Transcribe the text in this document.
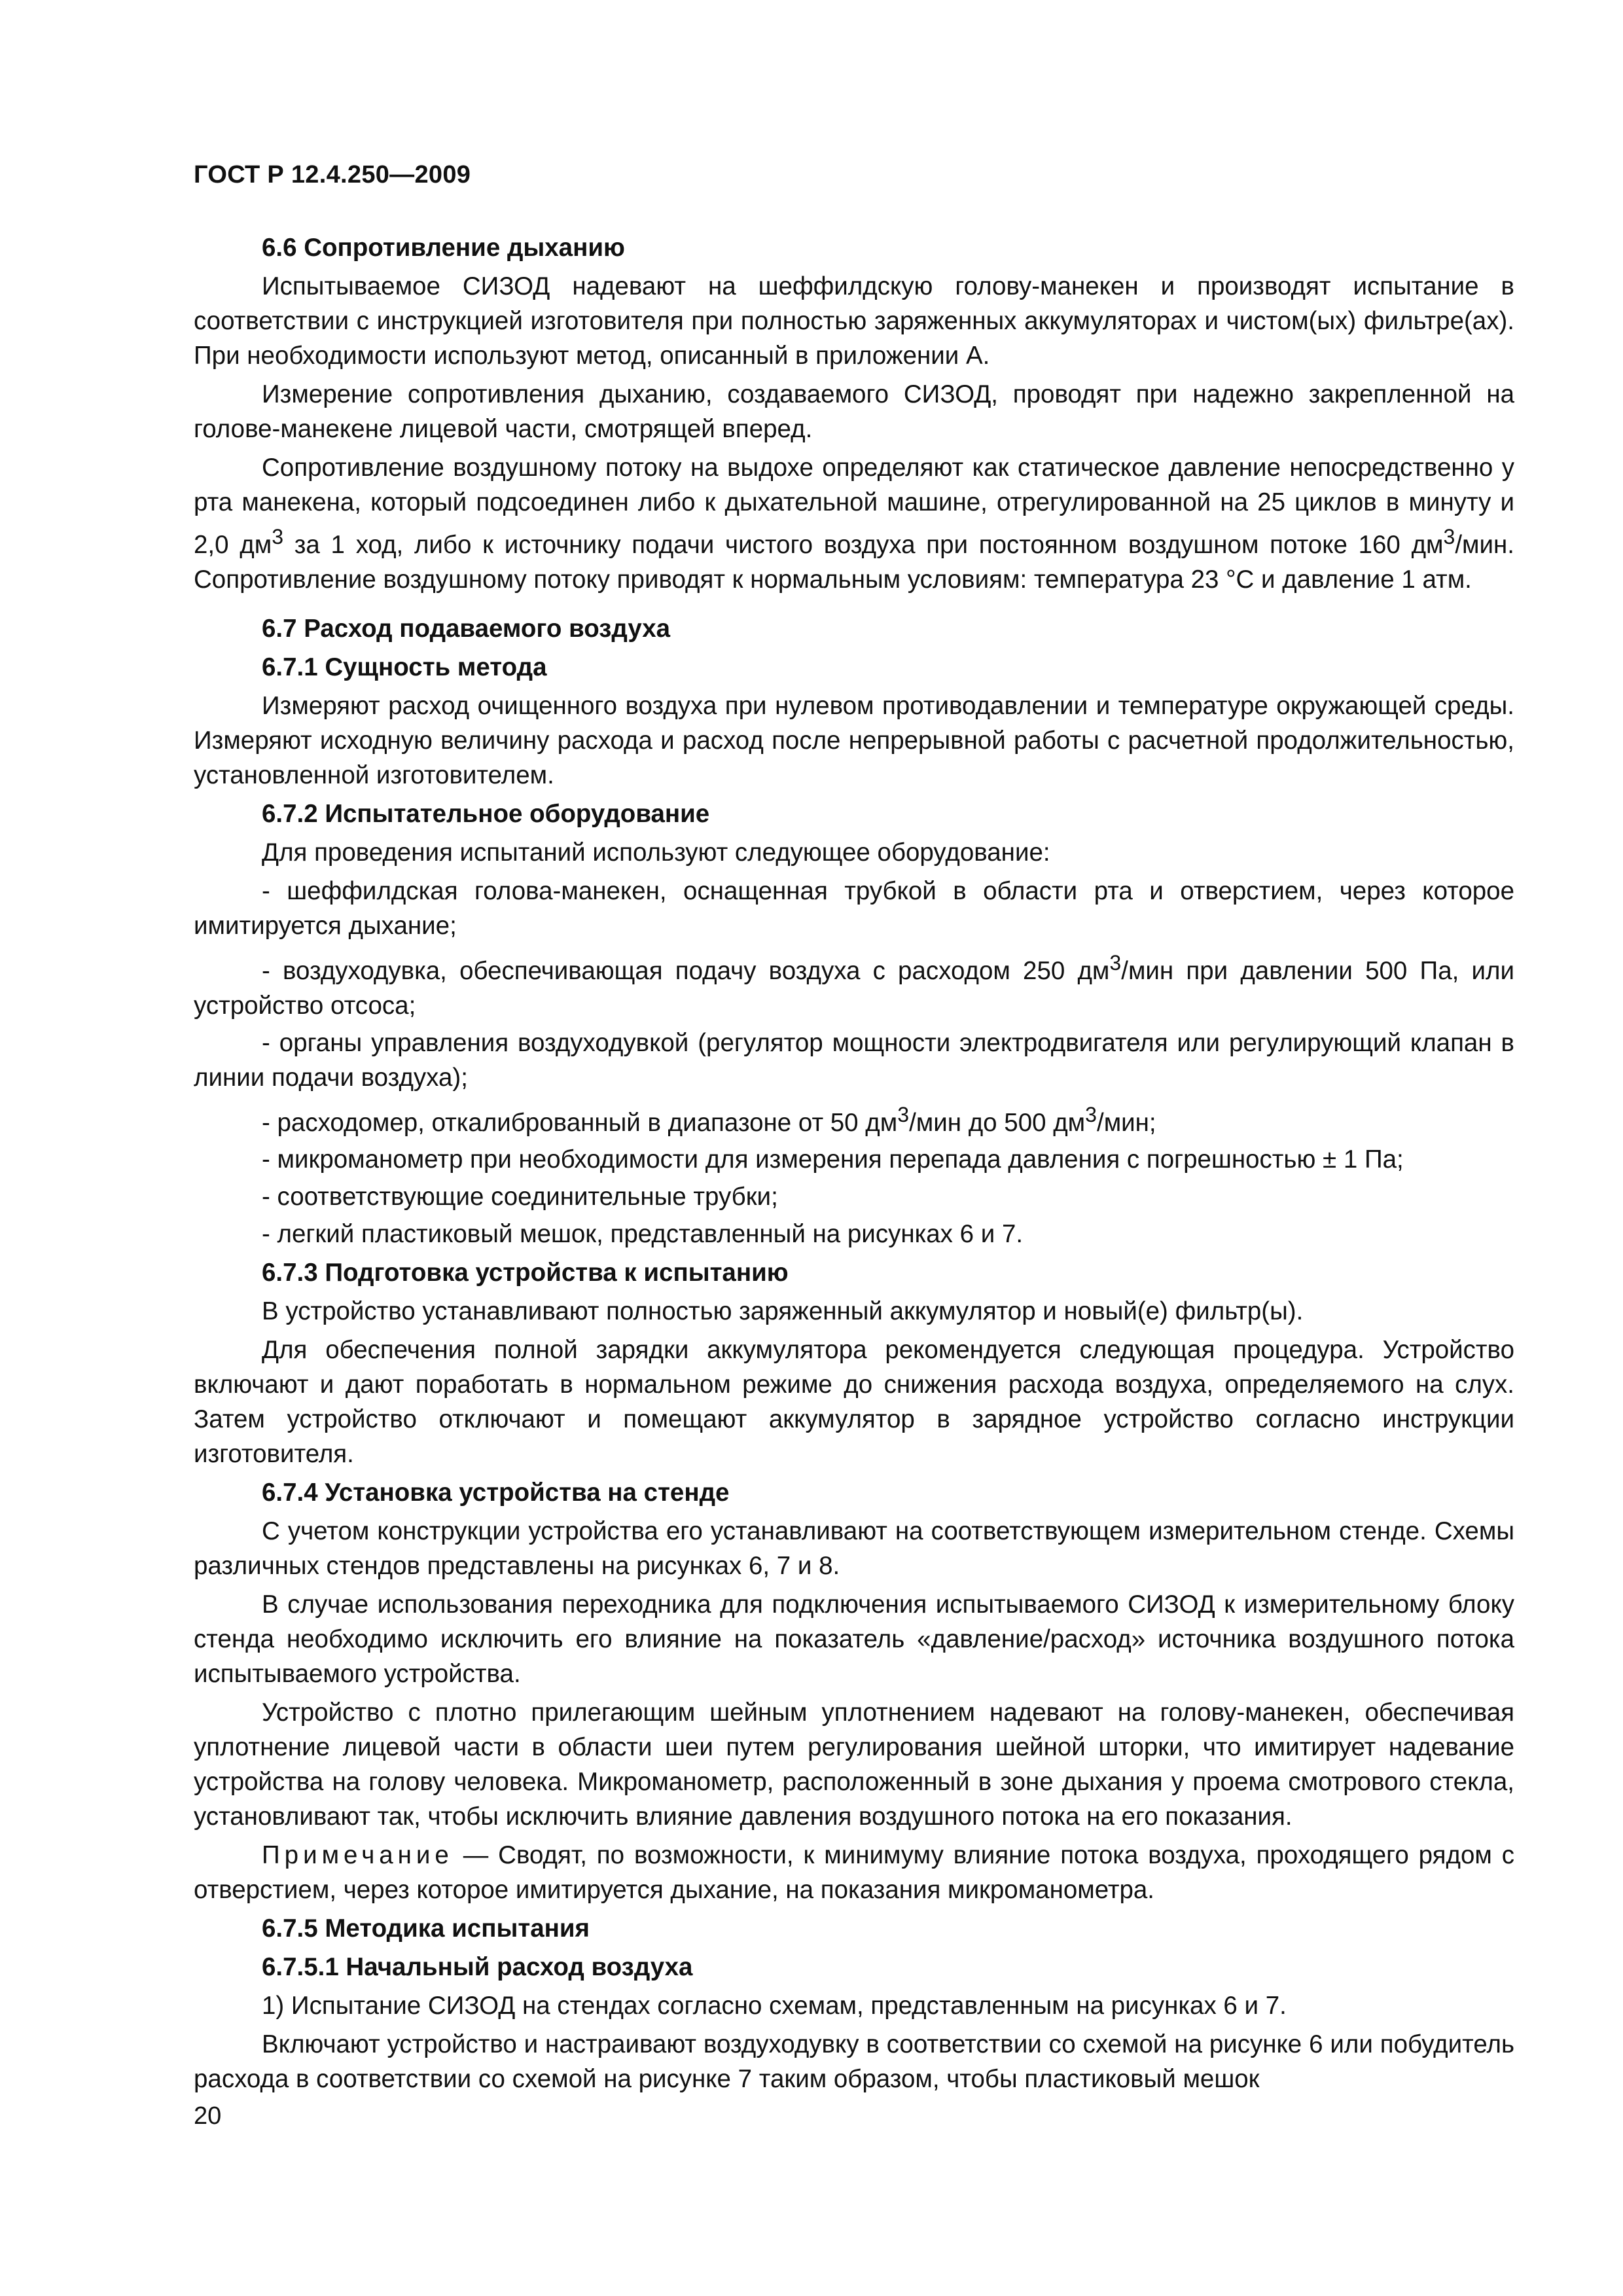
ГОСТ Р 12.4.250—2009
6.6 Сопротивление дыханию

Испытываемое СИЗОД надевают на шеффилдскую голову-манекен и производят испытание в соответствии с инструкцией изготовителя при полностью заряженных аккумуляторах и чистом(ых) фильтре(ах). При необходимости используют метод, описанный в приложении А.

Измерение сопротивления дыханию, создаваемого СИЗОД, проводят при надежно закрепленной на голове-манекене лицевой части, смотрящей вперед.

Сопротивление воздушному потоку на выдохе определяют как статическое давление непосредственно у рта манекена, который подсоединен либо к дыхательной машине, отрегулированной на 25 циклов в минуту и 2,0 $дм^3$ за 1 ход, либо к источнику подачи чистого воздуха при постоянном воздушном потоке 160 $дм^3$/мин. Сопротивление воздушному потоку приводят к нормальным условиям: температура 23 °С и давление 1 атм.

6.7 Расход подаваемого воздуха
6.7.1 Сущность метода

Измеряют расход очищенного воздуха при нулевом противодавлении и температуре окружающей среды. Измеряют исходную величину расхода и расход после непрерывной работы с расчетной продолжительностью, установленной изготовителем.

6.7.2 Испытательное оборудование

Для проведения испытаний используют следующее оборудование:

- шеффилдская голова-манекен, оснащенная трубкой в области рта и отверстием, через которое имитируется дыхание;

- воздуходувка, обеспечивающая подачу воздуха с расходом 250 $дм^3$/мин при давлении 500 Па, или устройство отсоса;

- органы управления воздуходувкой (регулятор мощности электродвигателя или регулирующий клапан в линии подачи воздуха);

- расходомер, откалиброванный в диапазоне от 50 $дм^3$/мин до 500 $дм^3$/мин;

- микроманометр при необходимости для измерения перепада давления с погрешностью ± 1 Па;

- соответствующие соединительные трубки;

- легкий пластиковый мешок, представленный на рисунках 6 и 7.

6.7.3 Подготовка устройства к испытанию

В устройство устанавливают полностью заряженный аккумулятор и новый(е) фильтр(ы).

Для обеспечения полной зарядки аккумулятора рекомендуется следующая процедура. Устройство включают и дают поработать в нормальном режиме до снижения расхода воздуха, определяемого на слух. Затем устройство отключают и помещают аккумулятор в зарядное устройство согласно инструкции изготовителя.

6.7.4 Установка устройства на стенде

С учетом конструкции устройства его устанавливают на соответствующем измерительном стенде. Схемы различных стендов представлены на рисунках 6, 7 и 8.

В случае использования переходника для подключения испытываемого СИЗОД к измерительному блоку стенда необходимо исключить его влияние на показатель «давление/расход» источника воздушного потока испытываемого устройства.

Устройство с плотно прилегающим шейным уплотнением надевают на голову-манекен, обеспечивая уплотнение лицевой части в области шеи путем регулирования шейной шторки, что имитирует надевание устройства на голову человека. Микроманометр, расположенный в зоне дыхания у проема смотрового стекла, установливают так, чтобы исключить влияние давления воздушного потока на его показания.

Примечание — Сводят, по возможности, к минимуму влияние потока воздуха, проходящего рядом с отверстием, через которое имитируется дыхание, на показания микроманометра.

6.7.5 Методика испытания
6.7.5.1 Начальный расход воздуха

1) Испытание СИЗОД на стендах согласно схемам, представленным на рисунках 6 и 7.

Включают устройство и настраивают воздуходувку в соответствии со схемой на рисунке 6 или побудитель расхода в соответствии со схемой на рисунке 7 таким образом, чтобы пластиковый мешок

20
